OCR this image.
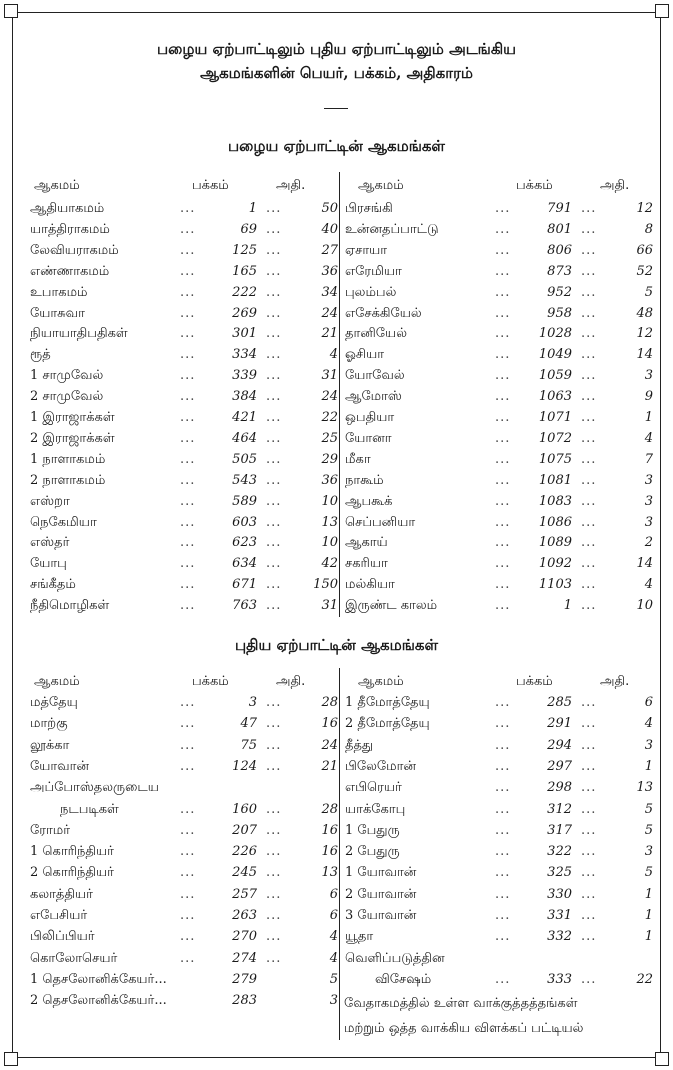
பழைய ஏற்பாட்டிலும் புதிய ஏற்பாட்டிலும் அடங்கிய
ஆகமங்களின் பெயர், பக்கம், அதிகாரம்
பழைய ஏற்பாட்டின் ஆகமங்கள்
ஆகமம்	பக்கம்	அதி.	ஆகமம்	பக்கம்	அதி.
ஆதியாகமம்	...	1 ...	50
யாத்திராகமம்	...	69 ...	40
லேவியராகமம்	...	125 ...	27
எண்ணாகமம்	...	165 ...	36
உபாகமம்	...	222 ...	34
யோசுவா	...	269 ...	24
நியாயாதிபதிகள்	...	301 ...	21
ரூத்	...	334 ...	4
1 சாமுவேல்	...	339 ...	31
2 சாமுவேல்	...	384 ...	24
1 இராஜாக்கள்	...	421 ...	22
2 இராஜாக்கள்	...	464 ...	25
1 நாளாகமம்	...	505 ...	29
2 நாளாகமம்	...	543 ...	36
எஸ்றா	...	589 ...	10
நெகேமியா	...	603 ...	13
எஸ்தர்	...	623 ...	10
யோபு	...	634 ...	42
சங்கீதம்	...	671 ...	150
நீதிமொழிகள்	...	763 ...	31
பிரசங்கி	...	791 ...	12
உன்னதப்பாட்டு	...	801 ...	8
ஏசாயா	...	806 ...	66
எரேமியா	...	873 ...	52
புலம்பல்	...	952 ...	5
எசேக்கியேல்	...	958 ...	48
தானியேல்	...	1028 ...	12
ஓசியா	...	1049 ...	14
யோவேல்	...	1059 ...	3
ஆமோஸ்	...	1063 ...	9
ஒபதியா	...	1071 ...	1
யோனா	...	1072 ...	4
மீகா	...	1075 ...	7
நாகூம்	...	1081 ...	3
ஆபகூக்	...	1083 ...	3
செப்பனியா	...	1086 ...	3
ஆகாய்	...	1089 ...	2
சகரியா	...	1092 ...	14
மல்கியா	...	1103 ...	4
இருண்ட காலம்	...	1 ...	10
புதிய ஏற்பாட்டின் ஆகமங்கள்
ஆகமம்	பக்கம்	அதி.	ஆகமம்	பக்கம்	அதி.
மத்தேயு	...	3 ...	28
மாற்கு	...	47 ...	16
லூக்கா	...	75 ...	24
யோவான்	...	124 ...	21
அப்போஸ்தலருடைய
நடபடிகள்	...	160 ...	28
ரோமர்	...	207 ...	16
1 கொரிந்தியர்	...	226 ...	16
2 கொரிந்தியர்	...	245 ...	13
கலாத்தியர்	...	257 ...	6
எபேசியர்	...	263 ...	6
பிலிப்பியர்	...	270 ...	4
கொலோசெயர்	...	274 ...	4
1 தெசலோனிக்கேயர்...	279	5
2 தெசலோனிக்கேயர்...	283	3
1 தீமோத்தேயு	...	285 ...	6
2 தீமோத்தேயு	...	291 ...	4
தீத்து	...	294 ...	3
பிலேமோன்	...	297 ...	1
எபிரெயர்	...	298 ...	13
யாக்கோபு	...	312 ...	5
1 பேதுரு	...	317 ...	5
2 பேதுரு	...	322 ...	3
1 யோவான்	...	325 ...	5
2 யோவான்	...	330 ...	1
3 யோவான்	...	331 ...	1
யூதா	...	332 ...	1
வெளிப்படுத்தின
விசேஷம்	...	333 ...	22
வேதாகமத்தில் உள்ள வாக்குத்தத்தங்கள்
மற்றும் ஒத்த வாக்கிய விளக்கப் பட்டியல்
